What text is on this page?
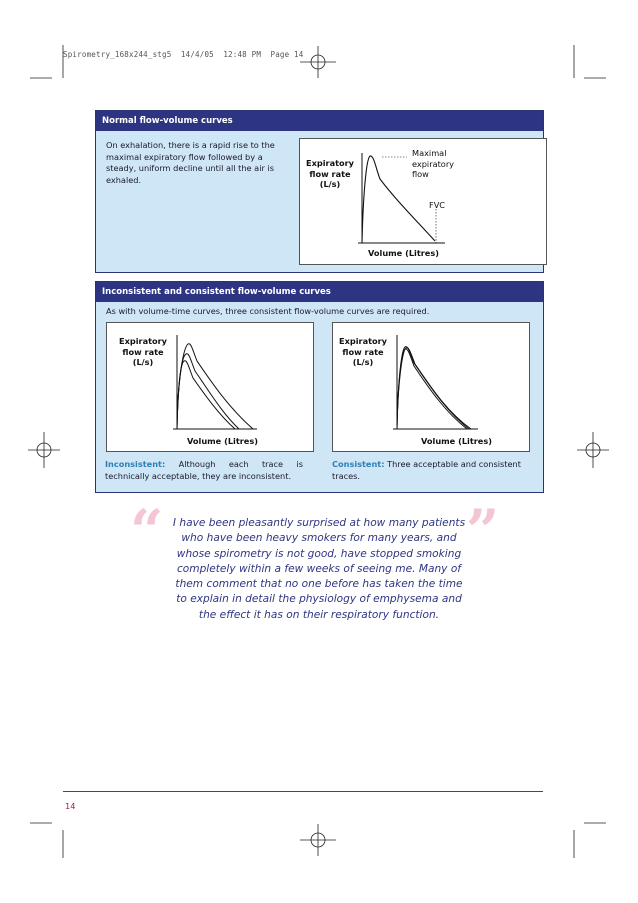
Spirometry_168x244_stg5  14/4/05  12:48 PM  Page 14
Normal flow-volume curves
On exhalation, there is a rapid rise to the maximal expiratory flow followed by a steady, uniform decline until all the air is exhaled.
Expiratory
flow rate
(L/s)
Maximal
expiratory
flow
FVC
Volume (Litres)
Inconsistent and consistent flow-volume curves
As with volume-time curves, three consistent flow-volume curves are required.
Expiratory
flow rate
(L/s)
Volume (Litres)
Expiratory
flow rate
(L/s)
Volume (Litres)
Inconsistent: Although each trace is technically acceptable, they are inconsistent.
Consistent: Three acceptable and consistent traces.
“ I have been pleasantly surprised at how many patients who have been heavy smokers for many years, and whose spirometry is not good, have stopped smoking completely within a few weeks of seeing me. Many of them comment that no one before has taken the time to explain in detail the physiology of emphysema and the effect it has on their respiratory function.
”
14
